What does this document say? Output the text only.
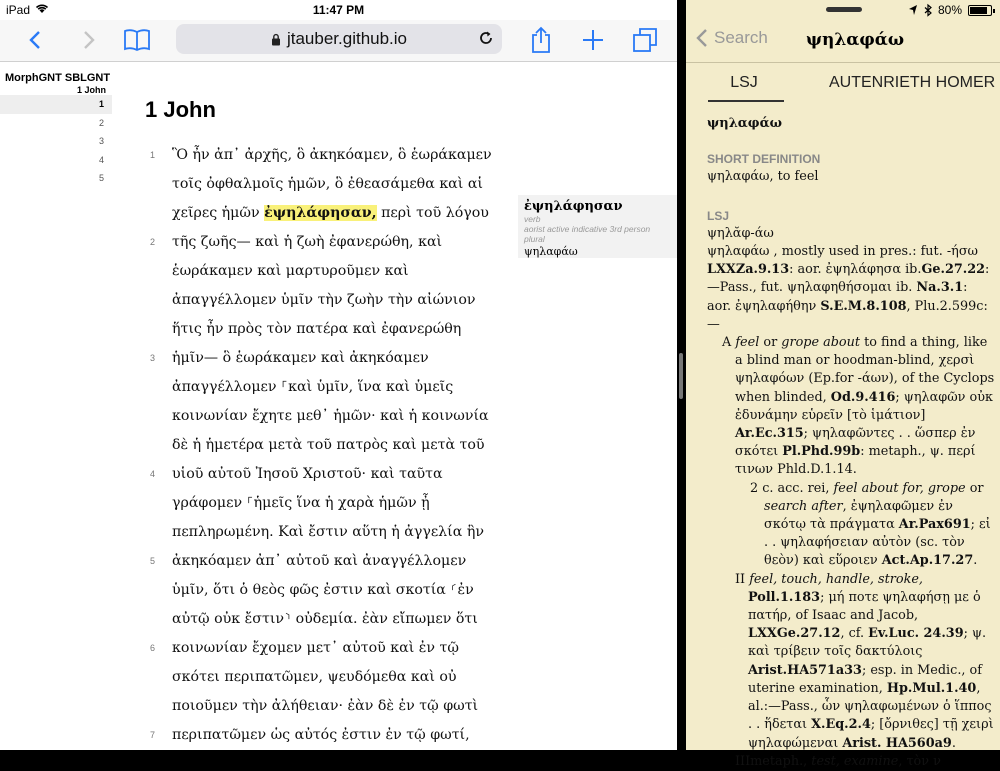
iPad	11:47 PM
jtauber.github.io
MorphGNT SBLGNT
1 John
1
2
3
4
5
1 John
1 Ὃ ἦν ἀπ᾽ ἀρχῆς, ὃ ἀκηκόαμεν, ὃ ἑωράκαμεν
τοῖς ὀφθαλμοῖς ἡμῶν, ὃ ἐθεασάμεθα καὶ αἱ
χεῖρες ἡμῶν ἐψηλάφησαν, περὶ τοῦ λόγου
2 τῆς ζωῆς— καὶ ἡ ζωὴ ἐφανερώθη, καὶ
ἑωράκαμεν καὶ μαρτυροῦμεν καὶ
ἀπαγγέλλομεν ὑμῖν τὴν ζωὴν τὴν αἰώνιον
ἥτις ἦν πρὸς τὸν πατέρα καὶ ἐφανερώθη
3 ἡμῖν— ὃ ἑωράκαμεν καὶ ἀκηκόαμεν
ἀπαγγέλλομεν ⸀καὶ ὑμῖν, ἵνα καὶ ὑμεῖς
κοινωνίαν ἔχητε μεθ᾽ ἡμῶν· καὶ ἡ κοινωνία
δὲ ἡ ἡμετέρα μετὰ τοῦ πατρὸς καὶ μετὰ τοῦ
4 υἱοῦ αὐτοῦ Ἰησοῦ Χριστοῦ· καὶ ταῦτα
γράφομεν ⸀ἡμεῖς ἵνα ἡ χαρὰ ἡμῶν ᾖ
πεπληρωμένη. Καὶ ἔστιν αὕτη ἡ ἀγγελία ἣν
5 ἀκηκόαμεν ἀπ᾽ αὐτοῦ καὶ ἀναγγέλλομεν
ὑμῖν, ὅτι ὁ θεὸς φῶς ἐστιν καὶ σκοτία ⸂ἐν
αὐτῷ οὐκ ἔστιν⸃ οὐδεμία. ἐὰν εἴπωμεν ὅτι
6 κοινωνίαν ἔχομεν μετ᾽ αὐτοῦ καὶ ἐν τῷ
σκότει περιπατῶμεν, ψευδόμεθα καὶ οὐ
ποιοῦμεν τὴν ἀλήθειαν· ἐὰν δὲ ἐν τῷ φωτὶ
7 περιπατῶμεν ὡς αὐτός ἐστιν ἐν τῷ φωτί,
ἐψηλάφησαν
verb
aorist active indicative 3rd person plural
ψηλαφάω
80%
Search	ψηλαφάω
LSJ	AUTENRIETH HOMER

ψηλαφάω

SHORT DEFINITION

ψηλαφάω, to feel

LSJ

ψηλᾰφ-άω

ψηλαφάω , mostly used in pres.: fut. -ήσω

LXXZa.9.13: aor. ἐψηλάφησα ib.Ge.27.22:

—Pass., fut. ψηλαφηθήσομαι ib. Na.3.1:

aor. ἐψηλαφήθην S.E.M.8.108, Plu.2.599c:

—

A feel or grope about to find a thing, like a blind man or hoodman-blind, χερσὶ ψηλαφόων (Ep.for -άων), of the Cyclops when blinded, Od.9.416; ψηλαφῶν οὐκ ἐδυνάμην εὑρεῖν [τὸ ἱμάτιον] Ar.Ec.315; ψηλαφῶντες . . ὥσπερ ἐν σκότει Pl.Phd.99b: metaph., ψ. περί τινων Phld.D.1.14.

2 c. acc. rei, feel about for, grope or search after, ἐψηλαφῶμεν ἐν σκότῳ τὰ πράγματα Ar.Pax691; εἰ . . ψηλαφήσειαν αὐτὸν (sc. τὸν θεὸν) καὶ εὕροιεν Act.Ap.17.27.

II feel, touch, handle, stroke, Poll.1.183; μή ποτε ψηλαφήσῃ με ὁ πατήρ, of Isaac and Jacob, LXXGe.27.12, cf. Ev.Luc. 24.39; ψ. καὶ τρίβειν τοῖς δακτύλοις Arist.HA571a33; esp. in Medic., of uterine examination, Hp.Mul.1.40, al.:—Pass., ὧν ψηλαφωμένων ὁ ἵππος . . ἥδεται X.Eq.2.4; [ὄρνιθες] τῇ χειρὶ ψηλαφώμεναι Arist. HA560a9.

IIImetaph., test, examine, τὸν ν
